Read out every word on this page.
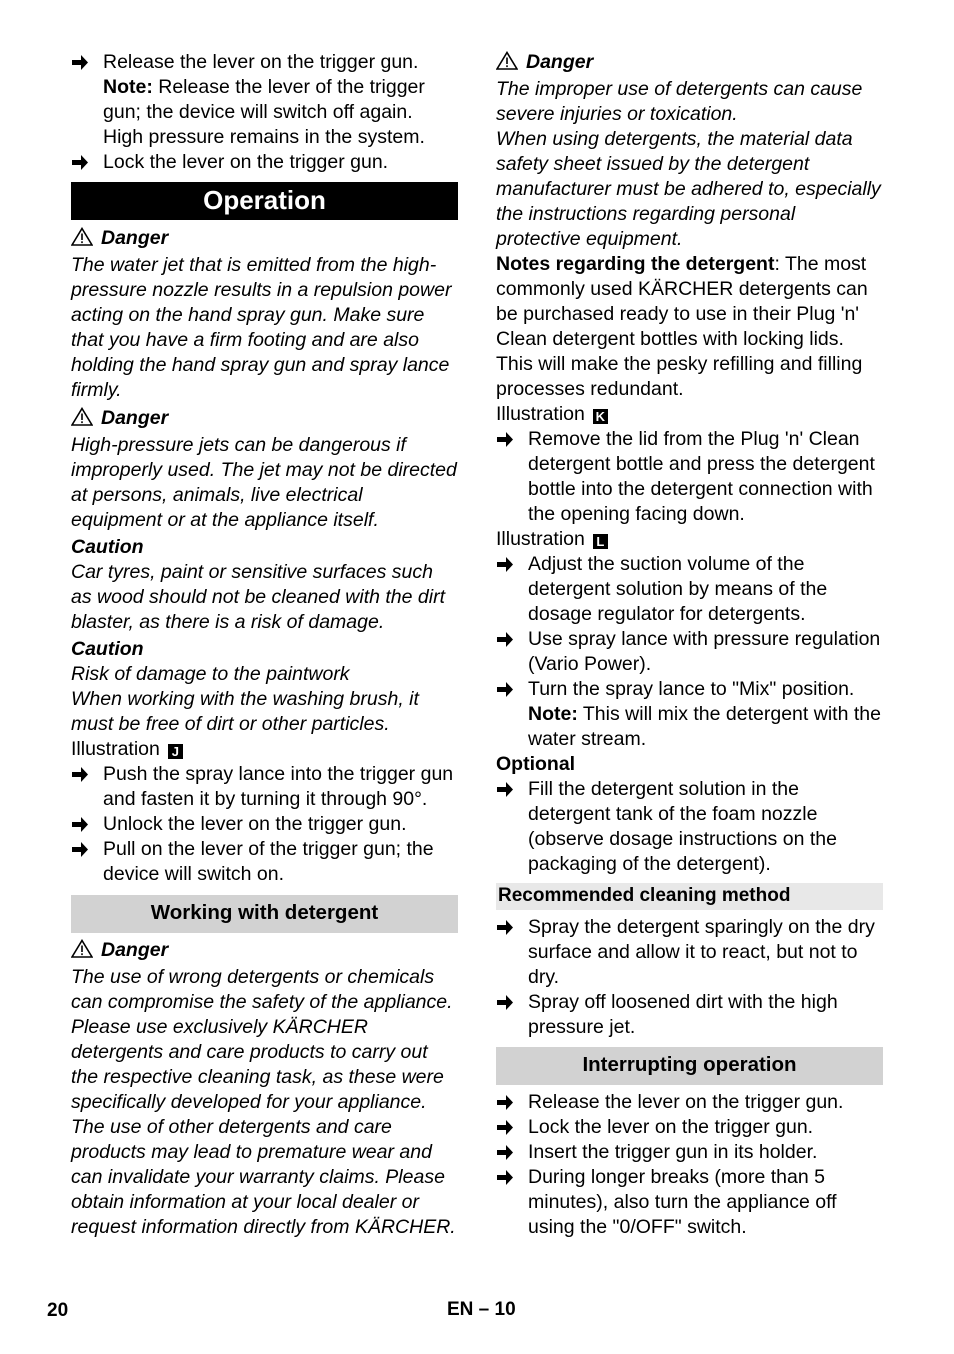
Release the lever on the trigger gun.
Note: Release the lever of the trigger gun; the device will switch off again. High pressure remains in the system.

Lock the lever on the trigger gun.

Operation

Danger

The water jet that is emitted from the high-pressure nozzle results in a repulsion power acting on the hand spray gun. Make sure that you have a firm footing and are also holding the hand spray gun and spray lance firmly.

Danger

High-pressure jets can be dangerous if improperly used. The jet may not be directed at persons, animals, live electrical equipment or at the appliance itself.

Caution

Car tyres, paint or sensitive surfaces such as wood should not be cleaned with the dirt blaster, as there is a risk of damage.

Caution

Risk of damage to the paintwork

When working with the washing brush, it must be free of dirt or other particles.

Illustration J

Push the spray lance into the trigger gun and fasten it by turning it through 90°.

Unlock the lever on the trigger gun.

Pull on the lever of the trigger gun; the device will switch on.

Working with detergent

Danger

The use of wrong detergents or chemicals can compromise the safety of the appliance.

Please use exclusively KÄRCHER detergents and care products to carry out the respective cleaning task, as these were specifically developed for your appliance. The use of other detergents and care products may lead to premature wear and can invalidate your warranty claims. Please obtain information at your local dealer or request information directly from KÄRCHER.

Danger

The improper use of detergents can cause severe injuries or toxication.

When using detergents, the material data safety sheet issued by the detergent manufacturer must be adhered to, especially the instructions regarding personal protective equipment.

Notes regarding the detergent: The most commonly used KÄRCHER detergents can be purchased ready to use in their Plug 'n' Clean detergent bottles with locking lids. This will make the pesky refilling and filling processes redundant.

Illustration K

Remove the lid from the Plug 'n' Clean detergent bottle and press the detergent bottle into the detergent connection with the opening facing down.

Illustration L

Adjust the suction volume of the detergent solution by means of the dosage regulator for detergents.

Use spray lance with pressure regulation (Vario Power).

Turn the spray lance to "Mix" position.
Note: This will mix the detergent with the water stream.

Optional

Fill the detergent solution in the detergent tank of the foam nozzle (observe dosage instructions on the packaging of the detergent).

Recommended cleaning method

Spray the detergent sparingly on the dry surface and allow it to react, but not to dry.

Spray off loosened dirt with the high pressure jet.

Interrupting operation

Release the lever on the trigger gun.

Lock the lever on the trigger gun.

Insert the trigger gun in its holder.

During longer breaks (more than 5 minutes), also turn the appliance off using the "0/OFF" switch.

20	EN – 10
